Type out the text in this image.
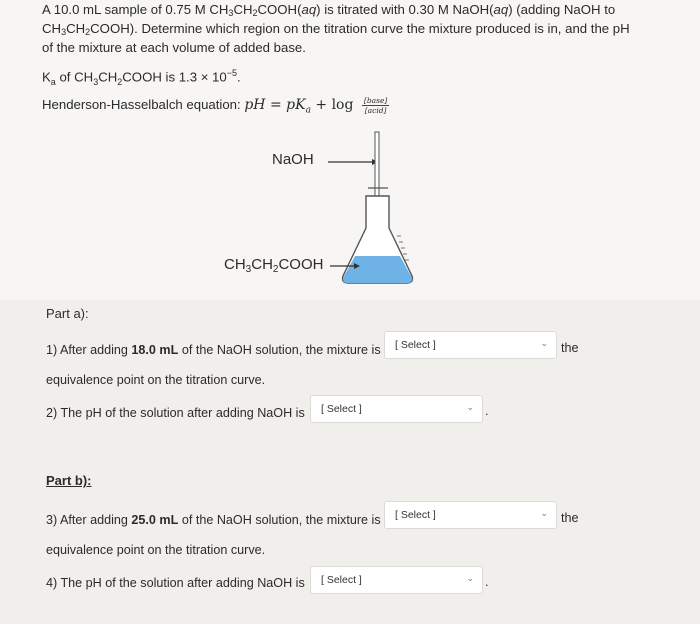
A 10.0 mL sample of 0.75 M $CH_3CH_2COOH(aq)$ is titrated with 0.30 M NaOH(aq) (adding NaOH to $CH_3CH_2COOH$). Determine which region on the titration curve the mixture produced is in, and the pH of the mixture at each volume of added base.

$K_a$ of $CH_3CH_2COOH$ is $1.3 \times 10^{-5}$.
Henderson-Hasselbalch equation: pH = $pK_a + \log \frac{\text{[base]}}{\text{[acid]}}$
NaOH
$CH_3CH_2COOH$
Part a):
1) After adding 18.0 mL of the NaOH solution, the mixture is [ Select ]	⌄ the
equivalence point on the titration curve.
2) The pH of the solution after adding NaOH is [ Select ]	⌄ .
Part b):
3) After adding 25.0 mL of the NaOH solution, the mixture is [ Select ]	⌄ the
equivalence point on the titration curve.
4) The pH of the solution after adding NaOH is [ Select ]	⌄ .
